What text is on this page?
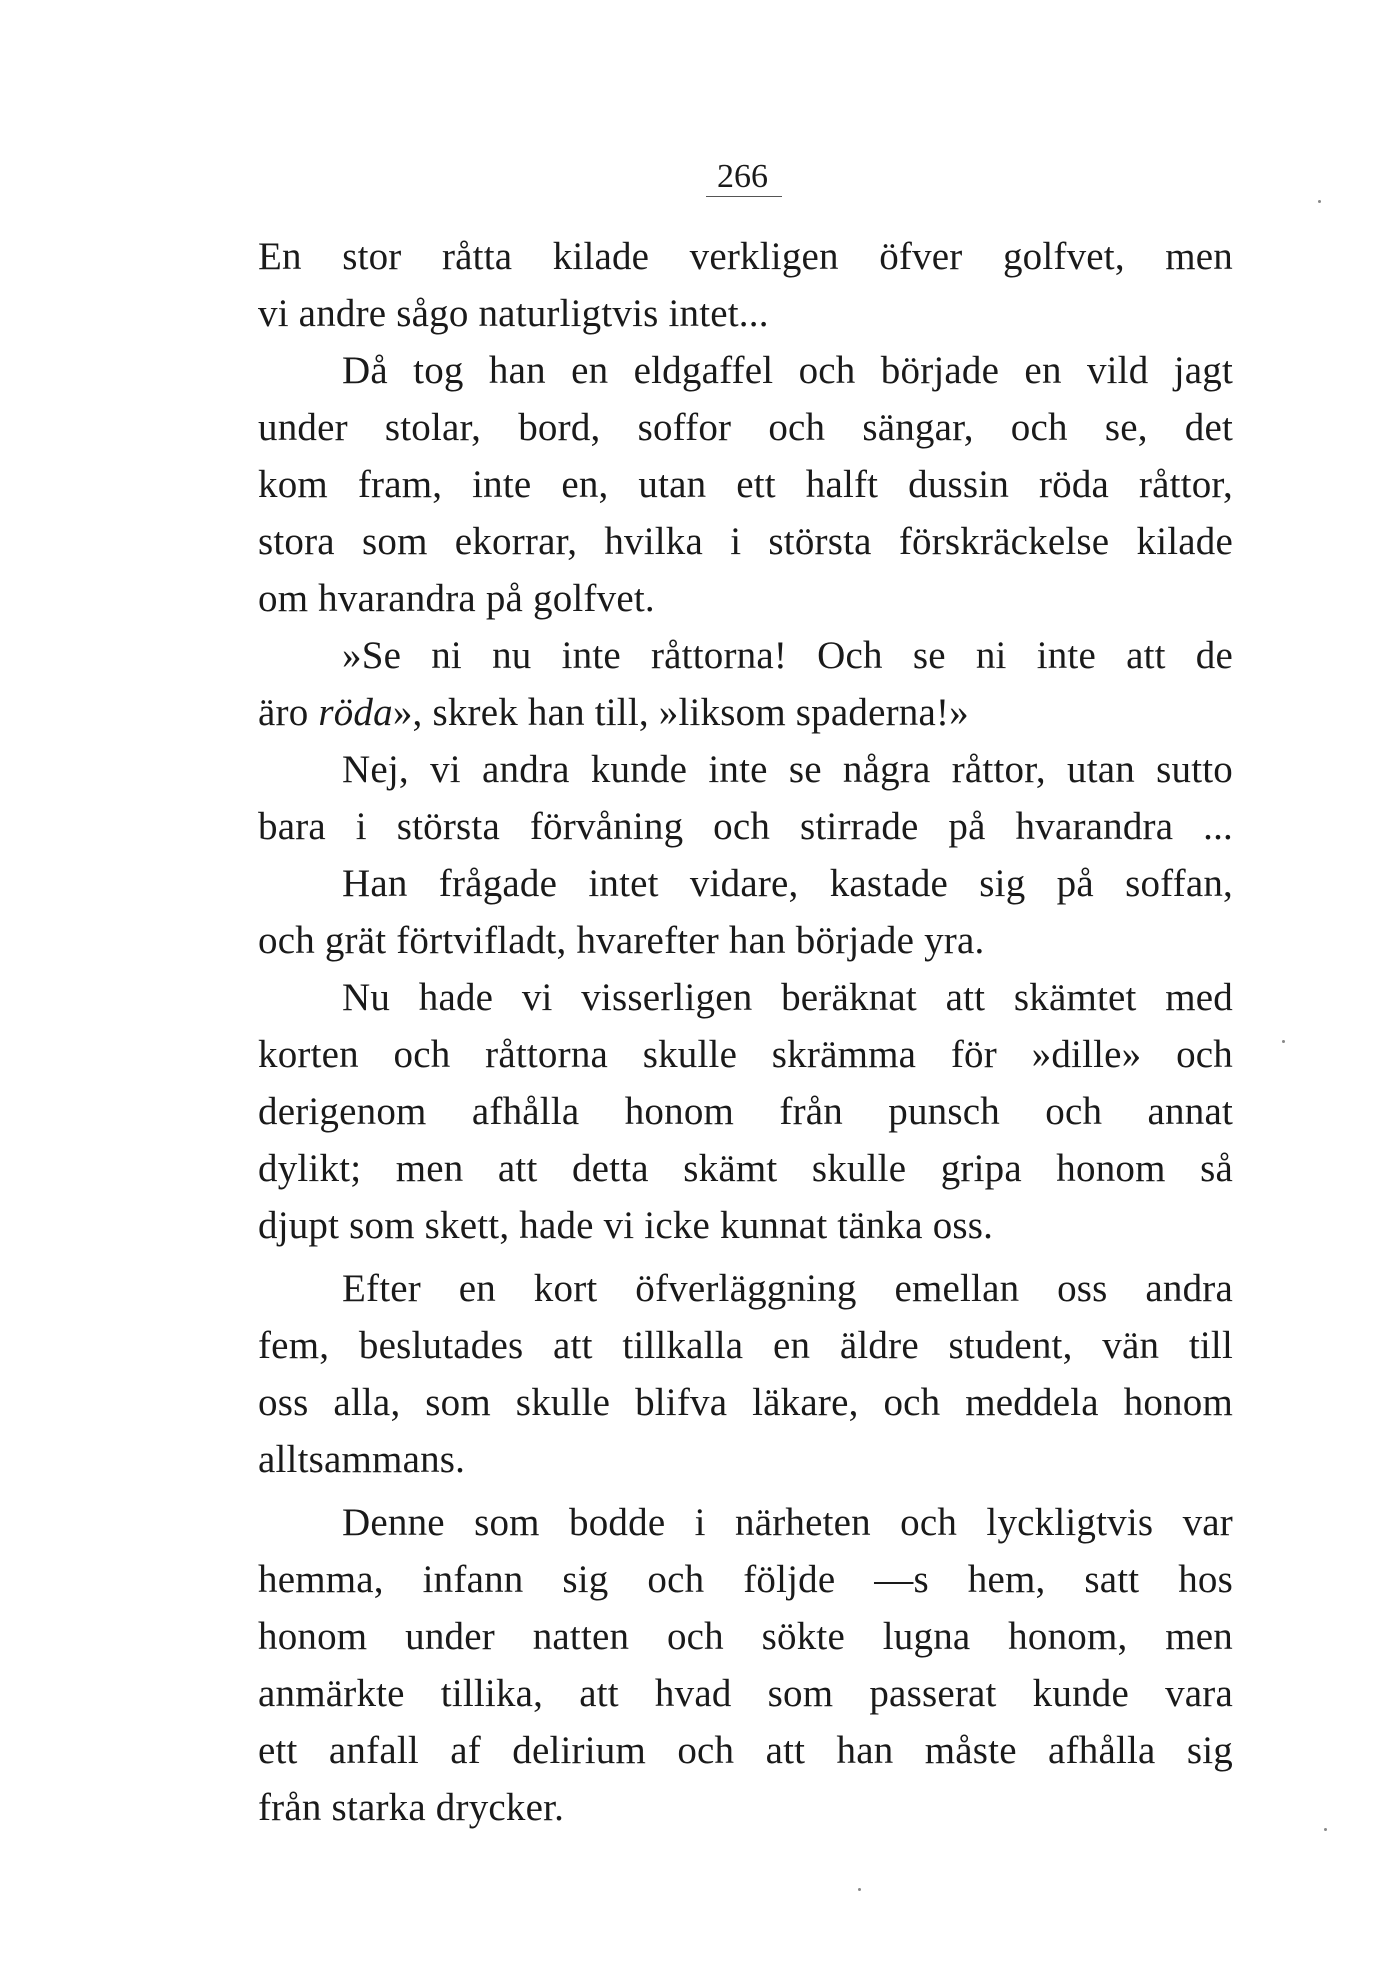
266
En stor råtta kilade verkligen öfver golfvet, men
vi andre sågo naturligtvis intet...
Då tog han en eldgaffel och började en vild jagt
under stolar, bord, soffor och sängar, och se, det
kom fram, inte en, utan ett halft dussin röda råttor,
stora som ekorrar, hvilka i största förskräckelse kilade
om hvarandra på golfvet.
»Se ni nu inte råttorna! Och se ni inte att de
äro röda», skrek han till, »liksom spaderna!»
Nej, vi andra kunde inte se några råttor, utan sutto
bara i största förvåning och stirrade på hvarandra ...
Han frågade intet vidare, kastade sig på soffan,
och grät förtvifladt, hvarefter han började yra.
Nu hade vi visserligen beräknat att skämtet med
korten och råttorna skulle skrämma för »dille» och
derigenom afhålla honom från punsch och annat
dylikt; men att detta skämt skulle gripa honom så
djupt som skett, hade vi icke kunnat tänka oss.
Efter en kort öfverläggning emellan oss andra
fem, beslutades att tillkalla en äldre student, vän till
oss alla, som skulle blifva läkare, och meddela honom
alltsammans.
Denne som bodde i närheten och lyckligtvis var
hemma, infann sig och följde —s hem, satt hos
honom under natten och sökte lugna honom, men
anmärkte tillika, att hvad som passerat kunde vara
ett anfall af delirium och att han måste afhålla sig
från starka drycker.
